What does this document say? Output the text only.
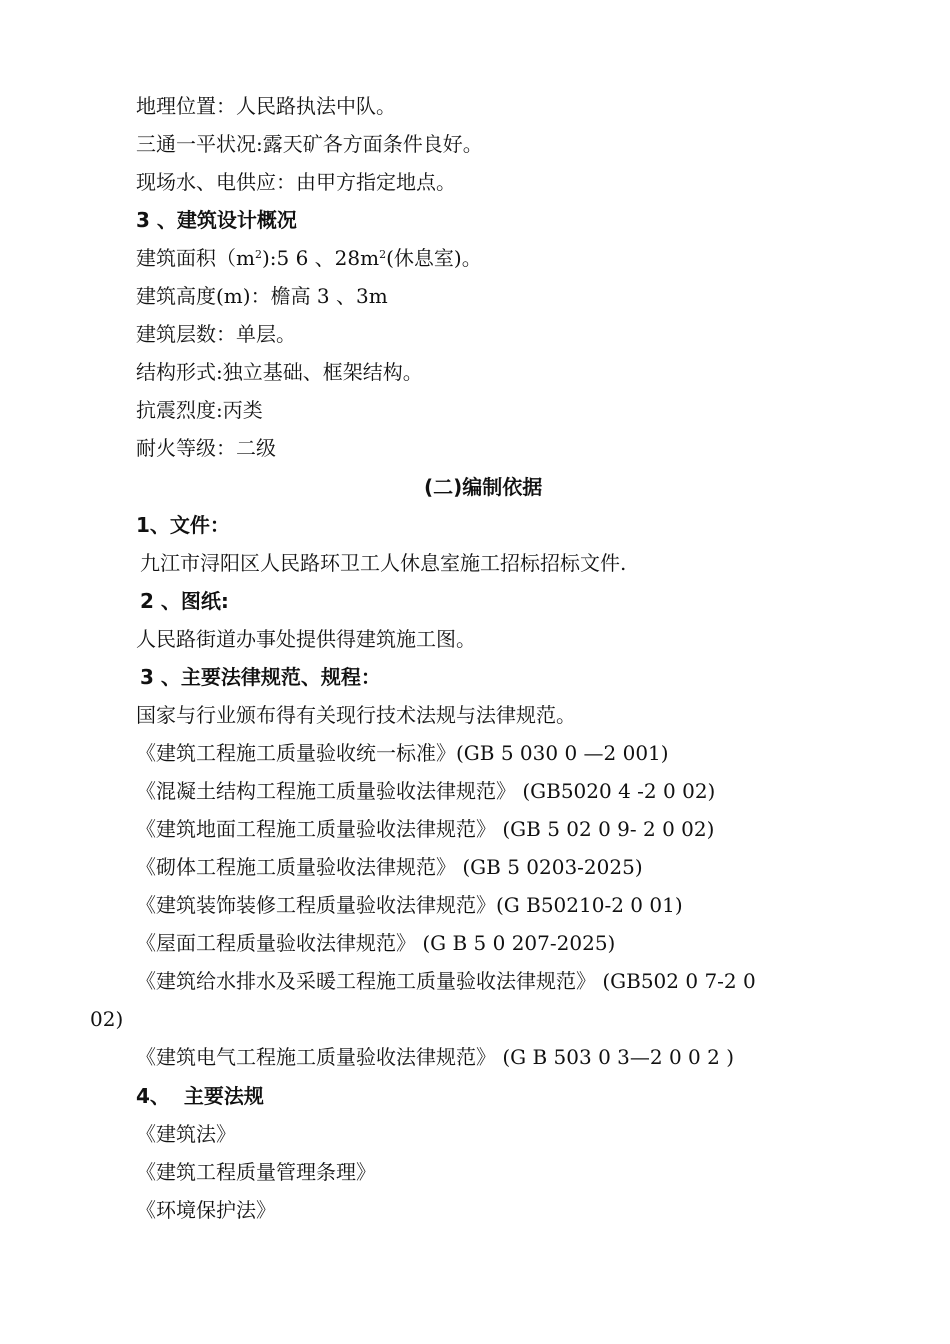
地理位置：人民路执法中队。
三通一平状况:露天矿各方面条件良好。
现场水、电供应：由甲方指定地点。
3 、建筑设计概况
建筑面积$(m^2):5$ 6 、$28m^2$(休息室)。
建筑高度(m)：檐高 3 、3m
建筑层数：单层。
结构形式:独立基础、框架结构。
抗震烈度:丙类
耐火等级：二级
(二)编制依据
1、文件：
九江市浔阳区人民路环卫工人休息室施工招标招标文件.
2 、图纸:
人民路街道办事处提供得建筑施工图。
3 、主要法律规范、规程：
国家与行业颁布得有关现行技术法规与法律规范。
《建筑工程施工质量验收统一标准》(GB 5 030 0 —2 001)
《混凝土结构工程施工质量验收法律规范》 (GB5020 4 -2 0 02)
《建筑地面工程施工质量验收法律规范》 (GB 5 02 0 9- 2 0 02)
《砌体工程施工质量验收法律规范》 (GB 5 0203-2025)
《建筑装饰装修工程质量验收法律规范》(G B50210-2 0 01)
《屋面工程质量验收法律规范》 (G B 5 0 207-2025)
《建筑给水排水及采暖工程施工质量验收法律规范》 (GB502 0 7-2 0
02)
《建筑电气工程施工质量验收法律规范》 (G B 503 0 3—2 0 0 2 )
4、  主要法规
《建筑法》
《建筑工程质量管理条理》
《环境保护法》
